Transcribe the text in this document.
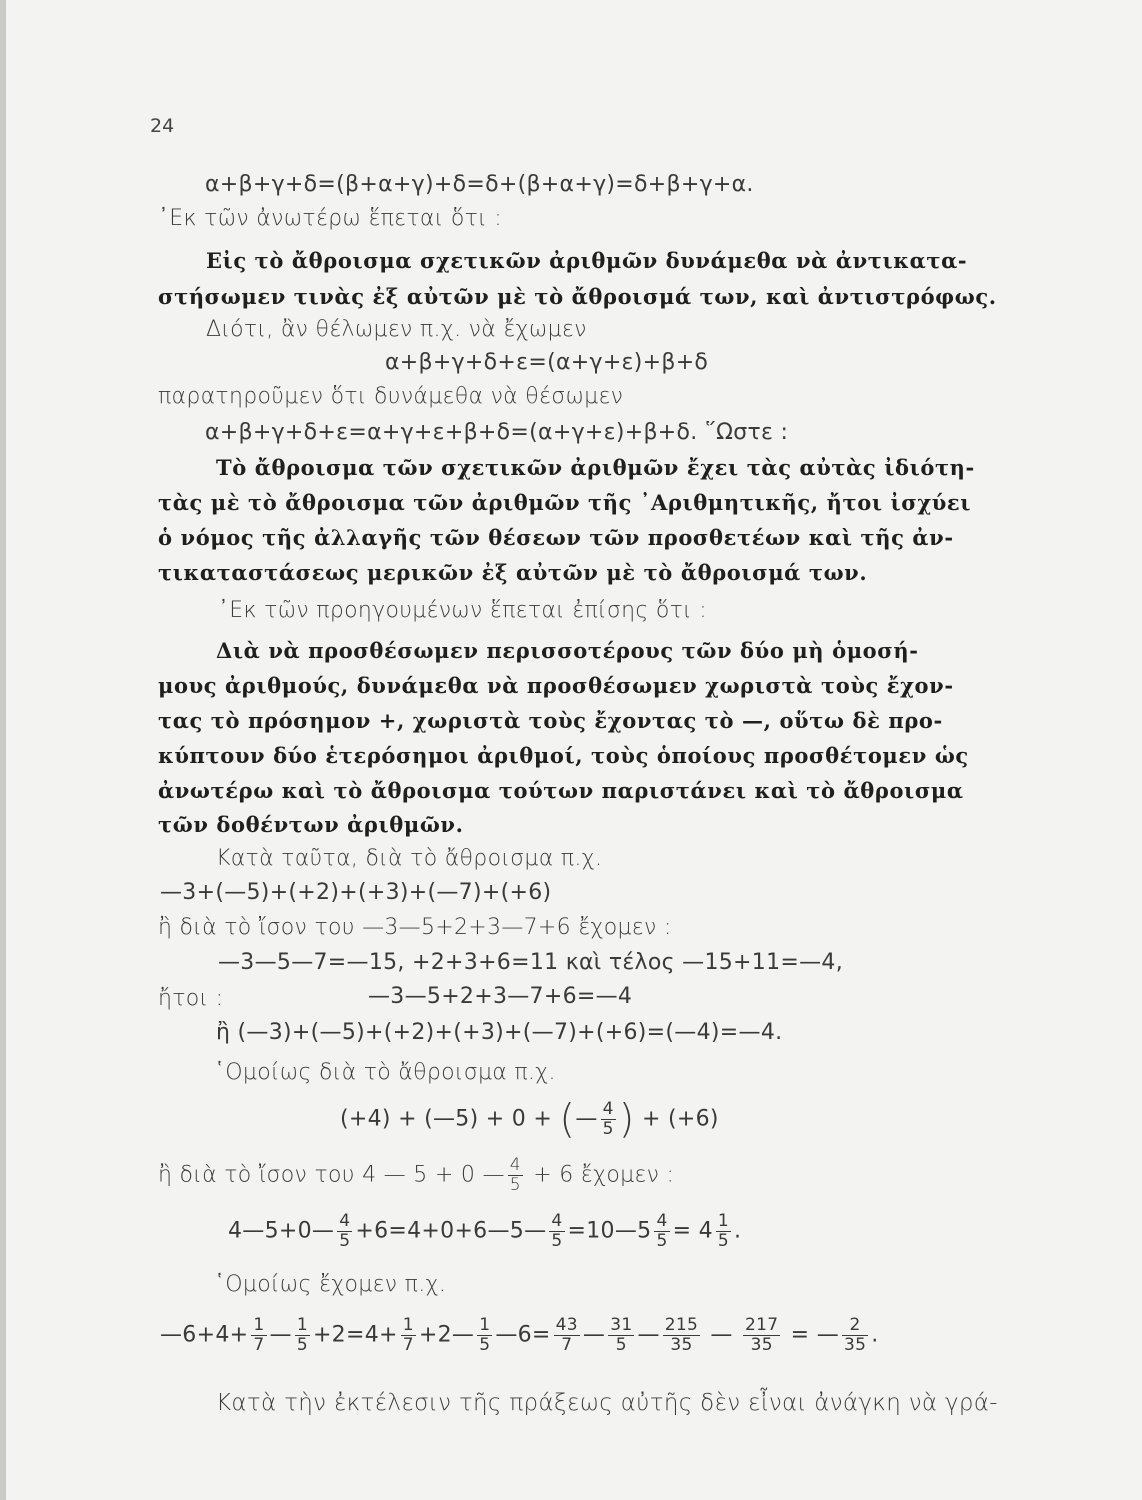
24
α+β+γ+δ=(β+α+γ)+δ=δ+(β+α+γ)=δ+β+γ+α.
᾿Εκ τῶν ἀνωτέρω ἕπεται ὅτι :
Εἰς τὸ ἄθροισμα σχετικῶν ἀριθμῶν δυνάμεθα νὰ ἀντικατα-
στήσωμεν τινὰς ἐξ αὐτῶν μὲ τὸ ἄθροισμά των, καὶ ἀντιστρόφως.
Διότι, ἂν θέλωμεν π.χ. νὰ ἔχωμεν
α+β+γ+δ+ε=(α+γ+ε)+β+δ
παρατηροῦμεν ὅτι δυνάμεθα νὰ θέσωμεν
α+β+γ+δ+ε=α+γ+ε+β+δ=(α+γ+ε)+β+δ. ῞Ωστε :
Τὸ ἄθροισμα τῶν σχετικῶν ἀριθμῶν ἔχει τὰς αὐτὰς ἰδιότη-
τὰς μὲ τὸ ἄθροισμα τῶν ἀριθμῶν τῆς ᾿Αριθμητικῆς, ἤτοι ἰσχύει
ὁ νόμος τῆς ἀλλαγῆς τῶν θέσεων τῶν προσθετέων καὶ τῆς ἀν-
τικαταστάσεως μερικῶν ἐξ αὐτῶν μὲ τὸ ἄθροισμά των.
᾿Εκ τῶν προηγουμένων ἕπεται ἐπίσης ὅτι :
Διὰ νὰ προσθέσωμεν περισσοτέρους τῶν δύο μὴ ὁμοσή-
μους ἀριθμούς, δυνάμεθα νὰ προσθέσωμεν χωριστὰ τοὺς ἔχον-
τας τὸ πρόσημον +, χωριστὰ τοὺς ἔχοντας τὸ —, οὕτω δὲ προ-
κύπτουν δύο ἑτερόσημοι ἀριθμοί, τοὺς ὁποίους προσθέτομεν ὡς
ἀνωτέρω καὶ τὸ ἄθροισμα τούτων παριστάνει καὶ τὸ ἄθροισμα
τῶν δοθέντων ἀριθμῶν.
Κατὰ ταῦτα, διὰ τὸ ἄθροισμα π.χ.
—3+(—5)+(+2)+(+3)+(—7)+(+6)
ἢ διὰ τὸ ἴσον του —3—5+2+3—7+6 ἔχομεν :
—3—5—7=—15, +2+3+6=11 καὶ τέλος —15+11=—4,
ἤτοι :	—3—5+2+3—7+6=—4
ἢ (—3)+(—5)+(+2)+(+3)+(—7)+(+6)=(—4)=—4.
῾Ομοίως διὰ τὸ ἄθροισμα π.χ.
(+4) + (—5) + 0 + (— $\frac{4}{5}$ ) + (+6)
ἢ διὰ τὸ ἴσον του 4 — 5 + 0 — $\frac{4}{5} + 6$ ἔχομεν :
4—5+0— $\frac{4}{5}$ +6=4+0+6—5— $\frac{4}{5}$ =10—5 $\frac{4}{5} = 4 \frac{1}{5}$ .
῾Ομοίως ἔχομεν π.χ.
—6+4+ $\frac{1}{7}$ — $\frac{1}{5} +2=4+ \frac{1}{7}$ +2— $\frac{1}{5}$ —6= $\frac{43}{7}$ — $\frac{31}{5}$ — $\frac{215}{35}$ — $\frac{217}{35}$ = — $\frac{2}{35}$ .
Κατὰ τὴν ἐκτέλεσιν τῆς πράξεως αὐτῆς δὲν εἶναι ἀνάγκη νὰ γρά-
